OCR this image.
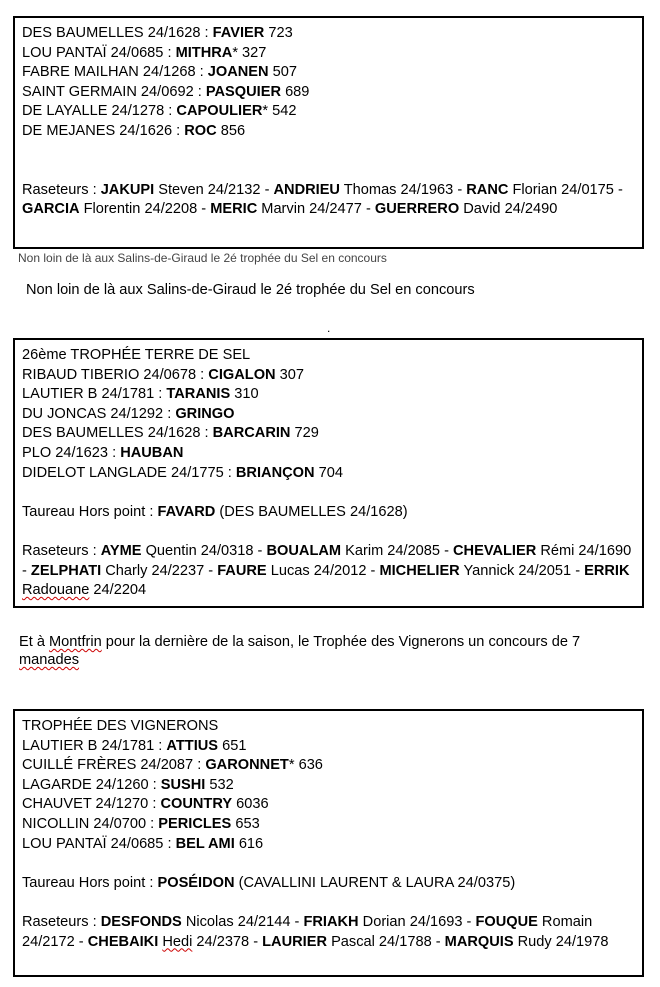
DES BAUMELLES 24/1628 : FAVIER 723
LOU PANTAÏ 24/0685 : MITHRA* 327
FABRE MAILHAN 24/1268 : JOANEN 507
SAINT GERMAIN 24/0692 : PASQUIER 689
DE LAYALLE 24/1278 : CAPOULIER* 542
DE MEJANES 24/1626 : ROC 856
Raseteurs : JAKUPI Steven 24/2132 - ANDRIEU Thomas 24/1963 - RANC Florian 24/0175 - GARCIA Florentin 24/2208 - MERIC Marvin 24/2477 - GUERRERO David 24/2490
Non loin de là aux Salins-de-Giraud le 2é trophée du Sel en concours
Non loin de là aux Salins-de-Giraud le 2é trophée du Sel en concours
.
26ème TROPHÉE TERRE DE SEL
RIBAUD TIBERIO 24/0678 : CIGALON 307
LAUTIER B 24/1781 : TARANIS 310
DU JONCAS 24/1292 : GRINGO
DES BAUMELLES 24/1628 : BARCARIN 729
PLO 24/1623 : HAUBAN
DIDELOT LANGLADE 24/1775 : BRIANÇON 704
Taureau Hors point : FAVARD (DES BAUMELLES 24/1628)
Raseteurs : AYME Quentin 24/0318 - BOUALAM Karim 24/2085 - CHEVALIER Rémi 24/1690 - ZELPHATI Charly 24/2237 - FAURE Lucas 24/2012 - MICHELIER Yannick 24/2051 - ERRIK Radouane 24/2204
Et à Montfrin pour la dernière de la saison, le Trophée des Vignerons un concours de 7 manades
TROPHÉE DES VIGNERONS
LAUTIER B 24/1781 : ATTIUS 651
CUILLÉ FRÈRES 24/2087 : GARONNET* 636
LAGARDE 24/1260 : SUSHI 532
CHAUVET 24/1270 : COUNTRY 6036
NICOLLIN 24/0700 : PERICLES 653
LOU PANTAÏ 24/0685 : BEL AMI 616
Taureau Hors point : POSÉIDON (CAVALLINI LAURENT & LAURA 24/0375)
Raseteurs : DESFONDS Nicolas 24/2144 - FRIAKH Dorian 24/1693 - FOUQUE Romain 24/2172 - CHEBAIKI Hedi 24/2378 - LAURIER Pascal 24/1788 - MARQUIS Rudy 24/1978
